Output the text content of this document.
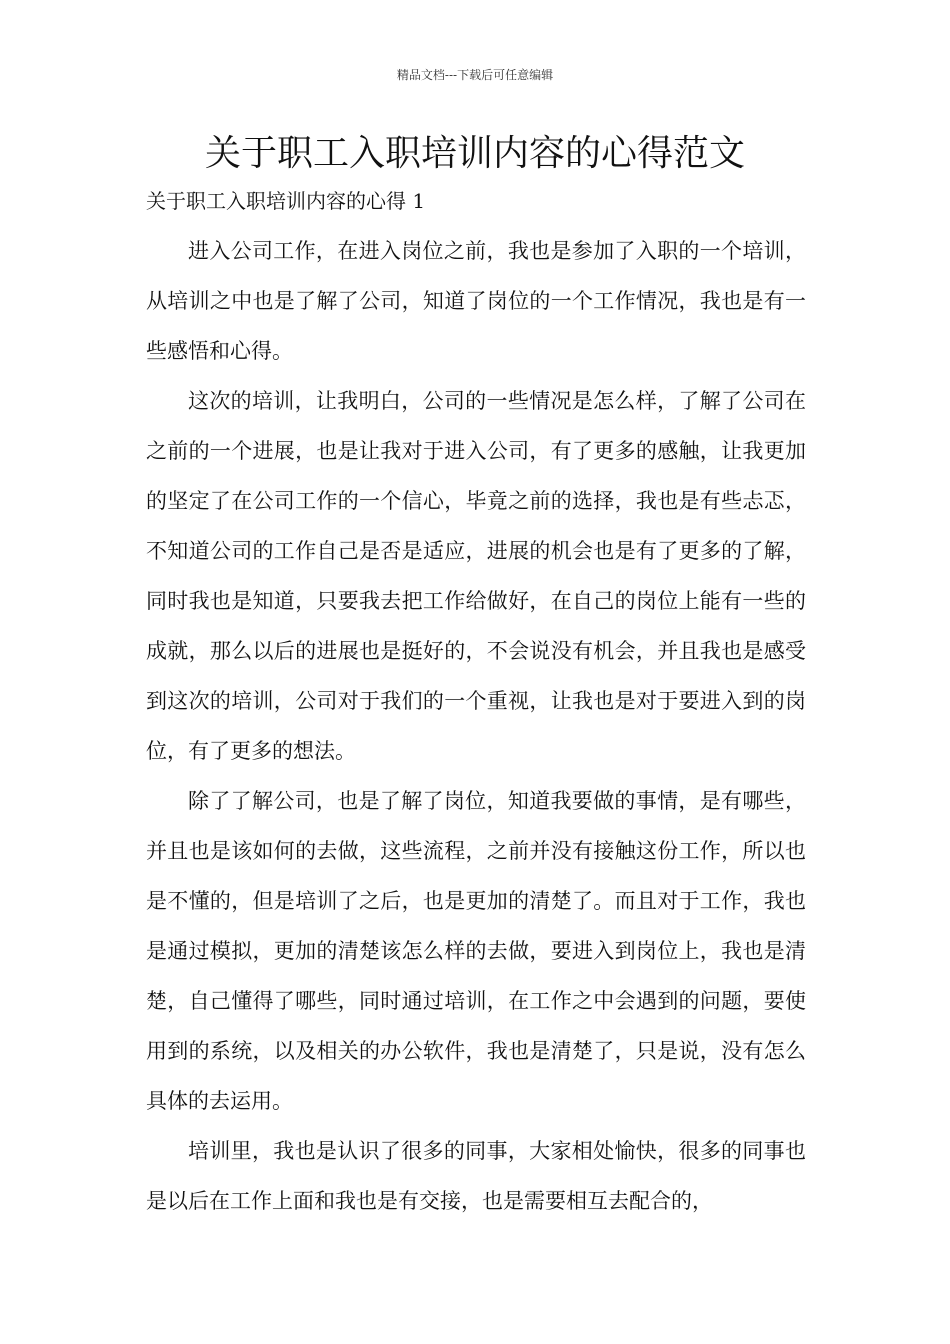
精品文档---下载后可任意编辑
关于职工入职培训内容的心得范文

关于职工入职培训内容的心得 1

进入公司工作，在进入岗位之前，我也是参加了入职的一个培训，从培训之中也是了解了公司，知道了岗位的一个工作情况，我也是有一些感悟和心得。

这次的培训，让我明白，公司的一些情况是怎么样，了解了公司在之前的一个进展，也是让我对于进入公司，有了更多的感触，让我更加的坚定了在公司工作的一个信心，毕竟之前的选择，我也是有些忐忑，不知道公司的工作自己是否是适应，进展的机会也是有了更多的了解，同时我也是知道，只要我去把工作给做好，在自己的岗位上能有一些的成就，那么以后的进展也是挺好的，不会说没有机会，并且我也是感受到这次的培训，公司对于我们的一个重视，让我也是对于要进入到的岗位，有了更多的想法。

除了了解公司，也是了解了岗位，知道我要做的事情，是有哪些，并且也是该如何的去做，这些流程，之前并没有接触这份工作，所以也是不懂的，但是培训了之后，也是更加的清楚了。而且对于工作，我也是通过模拟，更加的清楚该怎么样的去做，要进入到岗位上，我也是清楚，自己懂得了哪些，同时通过培训，在工作之中会遇到的问题，要使用到的系统，以及相关的办公软件，我也是清楚了，只是说，没有怎么具体的去运用。

培训里，我也是认识了很多的同事，大家相处愉快，很多的同事也是以后在工作上面和我也是有交接，也是需要相互去配合的，
